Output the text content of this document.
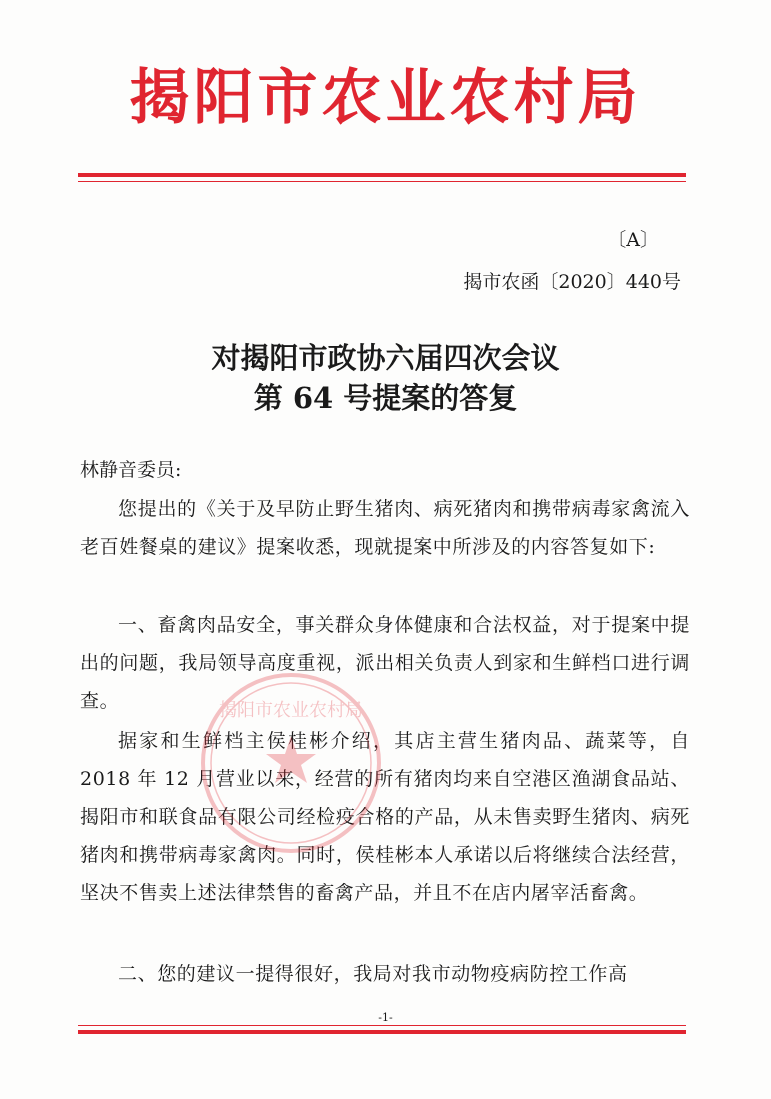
揭阳市农业农村局
〔A〕
揭市农函〔2020〕440号
对揭阳市政协六届四次会议
第 64 号提案的答复
林静音委员:
您提出的《关于及早防止野生猪肉、病死猪肉和携带病毒家禽流入老百姓餐桌的建议》提案收悉，现就提案中所涉及的内容答复如下:
一、畜禽肉品安全，事关群众身体健康和合法权益，对于提案中提出的问题，我局领导高度重视，派出相关负责人到家和生鲜档口进行调查。
据家和生鲜档主侯桂彬介绍，其店主营生猪肉品、蔬菜等，自 2018 年 12 月营业以来，经营的所有猪肉均来自空港区渔湖食品站、揭阳市和联食品有限公司经检疫合格的产品，从未售卖野生猪肉、病死猪肉和携带病毒家禽肉。同时，侯桂彬本人承诺以后将继续合法经营，坚决不售卖上述法律禁售的畜禽产品，并且不在店内屠宰活畜禽。
二、您的建议一提得很好，我局对我市动物疫病防控工作高
揭阳市农业农村局
-1-
